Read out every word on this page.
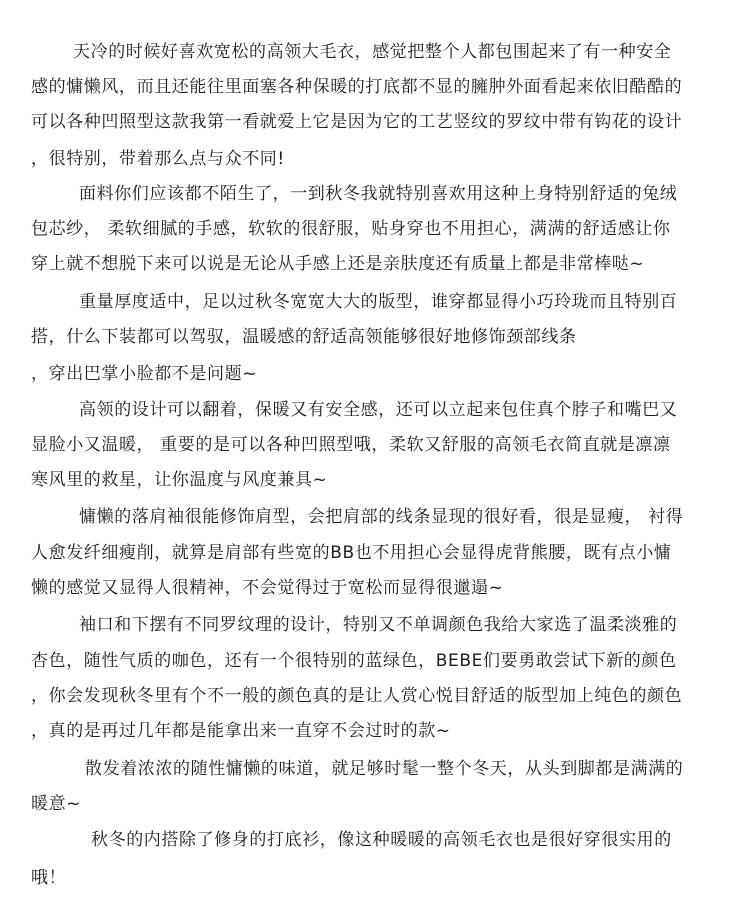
天冷的时候好喜欢宽松的高领大毛衣，感觉把整个人都包围起来了有一种安全
感的慵懒风，而且还能往里面塞各种保暖的打底都不显的臃肿外面看起来依旧酷酷的
可以各种凹照型这款我第一看就爱上它是因为它的工艺竖纹的罗纹中带有钩花的设计
，很特别，带着那么点与众不同!
面料你们应该都不陌生了，一到秋冬我就特别喜欢用这种上身特别舒适的兔绒
包芯纱， 柔软细腻的手感，软软的很舒服，贴身穿也不用担心，满满的舒适感让你
穿上就不想脱下来可以说是无论从手感上还是亲肤度还有质量上都是非常棒哒~
重量厚度适中，足以过秋冬宽宽大大的版型，谁穿都显得小巧玲珑而且特别百
搭，什么下装都可以驾驭，温暖感的舒适高领能够很好地修饰颈部线条
，穿出巴掌小脸都不是问题~
高领的设计可以翻着，保暖又有安全感，还可以立起来包住真个脖子和嘴巴又
显脸小又温暖， 重要的是可以各种凹照型哦，柔软又舒服的高领毛衣简直就是凛凛
寒风里的救星，让你温度与风度兼具~
慵懒的落肩袖很能修饰肩型，会把肩部的线条显现的很好看，很是显瘦， 衬得
人愈发纤细瘦削，就算是肩部有些宽的BB也不用担心会显得虎背熊腰，既有点小慵
懒的感觉又显得人很精神，不会觉得过于宽松而显得很邋遢~
袖口和下摆有不同罗纹理的设计，特别又不单调颜色我给大家选了温柔淡雅的
杏色，随性气质的咖色，还有一个很特别的蓝绿色，BEBE们要勇敢尝试下新的颜色
，你会发现秋冬里有个不一般的颜色真的是让人赏心悦目舒适的版型加上纯色的颜色
，真的是再过几年都是能拿出来一直穿不会过时的款~
散发着浓浓的随性慵懒的味道，就足够时髦一整个冬天，从头到脚都是满满的
暖意~
秋冬的内搭除了修身的打底衫，像这种暖暖的高领毛衣也是很好穿很实用的
哦！
